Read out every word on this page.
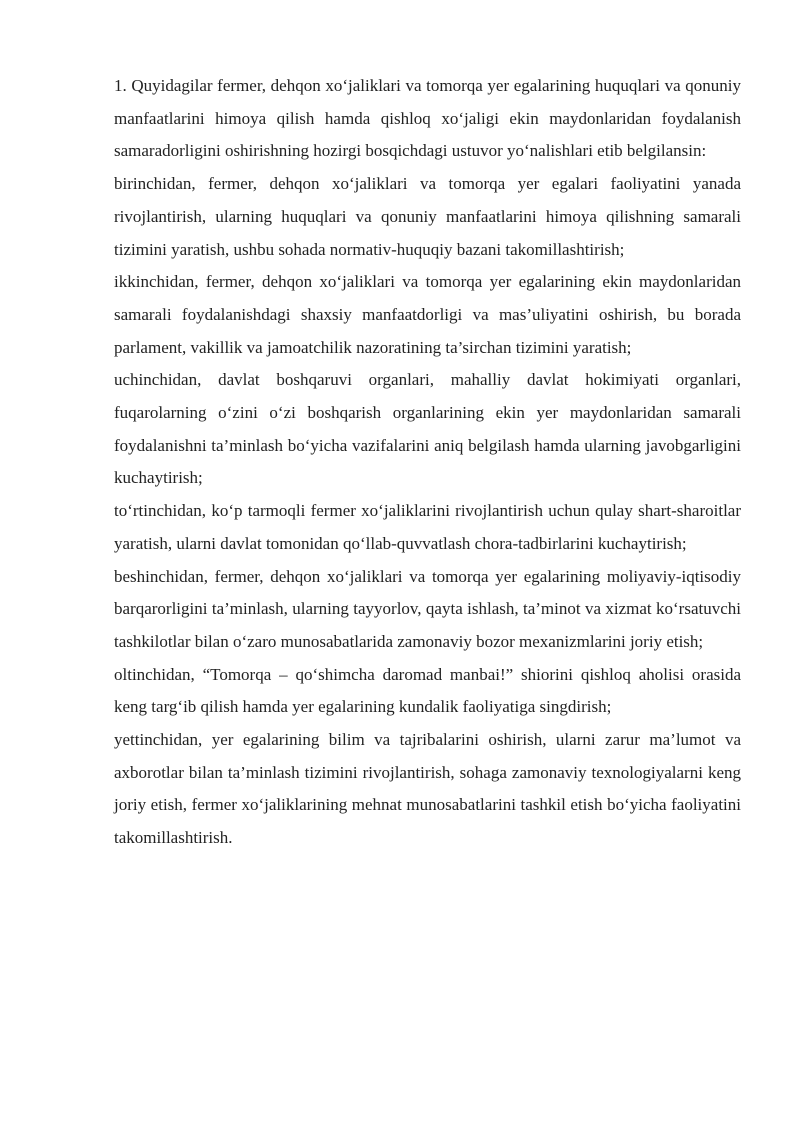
1. Quyidagilar fermer, dehqon xo‘jaliklari va tomorqa yer egalarining huquqlari va qonuniy manfaatlarini himoya qilish hamda qishloq xo‘jaligi ekin maydonlaridan foydalanish samaradorligini oshirishning hozirgi bosqichdagi ustuvor yo‘nalishlari etib belgilansin:

birinchidan, fermer, dehqon xo‘jaliklari va tomorqa yer egalari faoliyatini yanada rivojlantirish, ularning huquqlari va qonuniy manfaatlarini himoya qilishning samarali tizimini yaratish, ushbu sohada normativ-huquqiy bazani takomillashtirish;

ikkinchidan, fermer, dehqon xo‘jaliklari va tomorqa yer egalarining ekin maydonlaridan samarali foydalanishdagi shaxsiy manfaatdorligi va mas’uliyatini oshirish, bu borada parlament, vakillik va jamoatchilik nazoratining ta’sirchan tizimini yaratish;

uchinchidan, davlat boshqaruvi organlari, mahalliy davlat hokimiyati organlari, fuqarolarning o‘zini o‘zi boshqarish organlarining ekin yer maydonlaridan samarali foydalanishni ta’minlash bo‘yicha vazifalarini aniq belgilash hamda ularning javobgarligini kuchaytirish;

to‘rtinchidan, ko‘p tarmoqli fermer xo‘jaliklarini rivojlantirish uchun qulay shart-sharoitlar yaratish, ularni davlat tomonidan qo‘llab-quvvatlash chora-tadbirlarini kuchaytirish;

beshinchidan, fermer, dehqon xo‘jaliklari va tomorqa yer egalarining moliyaviy-iqtisodiy barqarorligini ta’minlash, ularning tayyorlov, qayta ishlash, ta’minot va xizmat ko‘rsatuvchi tashkilotlar bilan o‘zaro munosabatlarida zamonaviy bozor mexanizmlarini joriy etish;

oltinchidan, “Tomorqa – qo‘shimcha daromad manbai!” shiorini qishloq aholisi orasida keng targ‘ib qilish hamda yer egalarining kundalik faoliyatiga singdirish;

yettinchidan, yer egalarining bilim va tajribalarini oshirish, ularni zarur ma’lumot va axborotlar bilan ta’minlash tizimini rivojlantirish, sohaga zamonaviy texnologiyalarni keng joriy etish, fermer xo‘jaliklarining mehnat munosabatlarini tashkil etish bo‘yicha faoliyatini takomillashtirish.
